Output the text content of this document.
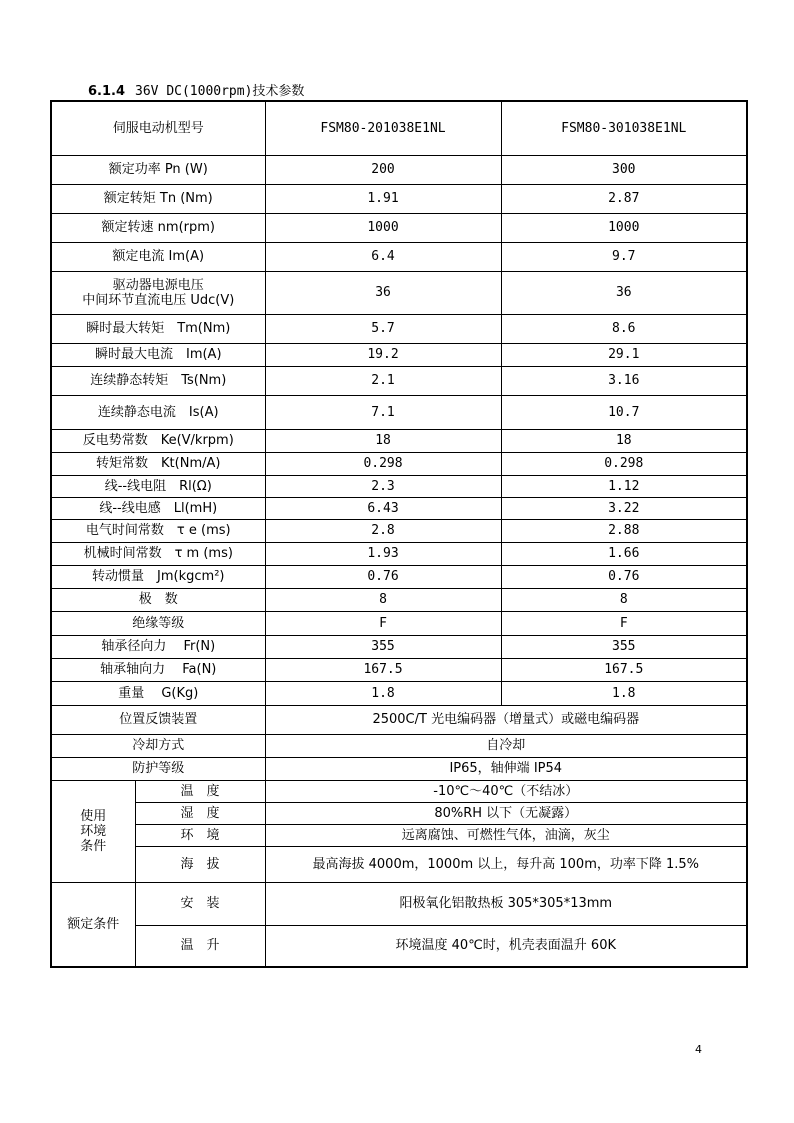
6.1.4 36V DC(1000rpm)技术参数
伺服电动机型号		FSM80-201038E1NL	FSM80-301038E1NL
额定功率 Pn (W)		200	300
额定转矩 Tn (Nm)		1.91	2.87
额定转速 nm(rpm)		1000	1000
额定电流 Im(A)		6.4	9.7

驱动器电源电压
中间环节直流电压 Udc(V)		36	36
瞬时最大转矩　Tm(Nm)		5.7	8.6
瞬时最大电流　Im(A)		19.2	29.1
连续静态转矩　Ts(Nm)		2.1	3.16
连续静态电流　Is(A)		7.1	10.7
反电势常数　Ke(V/krpm)		18	18
转矩常数　Kt(Nm/A)		0.298	0.298
线--线电阻　Rl(Ω)		2.3	1.12
线--线电感　Ll(mH)		6.43	3.22
电气时间常数　τ e (ms)		2.8	2.88
机械时间常数　τ m (ms)		1.93	1.66
转动惯量　Jm(kgcm²)		0.76	0.76
极　数		8	8
绝缘等级		F	F
轴承径向力　 Fr(N)		355	355
轴承轴向力　 Fa(N)		167.5	167.5
重量　 G(Kg)		1.8	1.8
位置反馈装置		2500C/T 光电编码器（增量式）或磁电编码器	
冷却方式		自冷却	
防护等级		IP65，轴伸端 IP54	

使用
环境
条件	温　度	-10℃～40℃（不结冰）	
	湿　度	80%RH 以下（无凝露）	
	环　境	远离腐蚀、可燃性气体，油滴，灰尘	
	海　拔	最高海拔 4000m，1000m 以上，每升高 100m，功率下降 1.5%	
额定条件	安　装	阳极氧化铝散热板 305*305*13mm	
	温　升	环境温度 40℃时，机壳表面温升 60K	
4
